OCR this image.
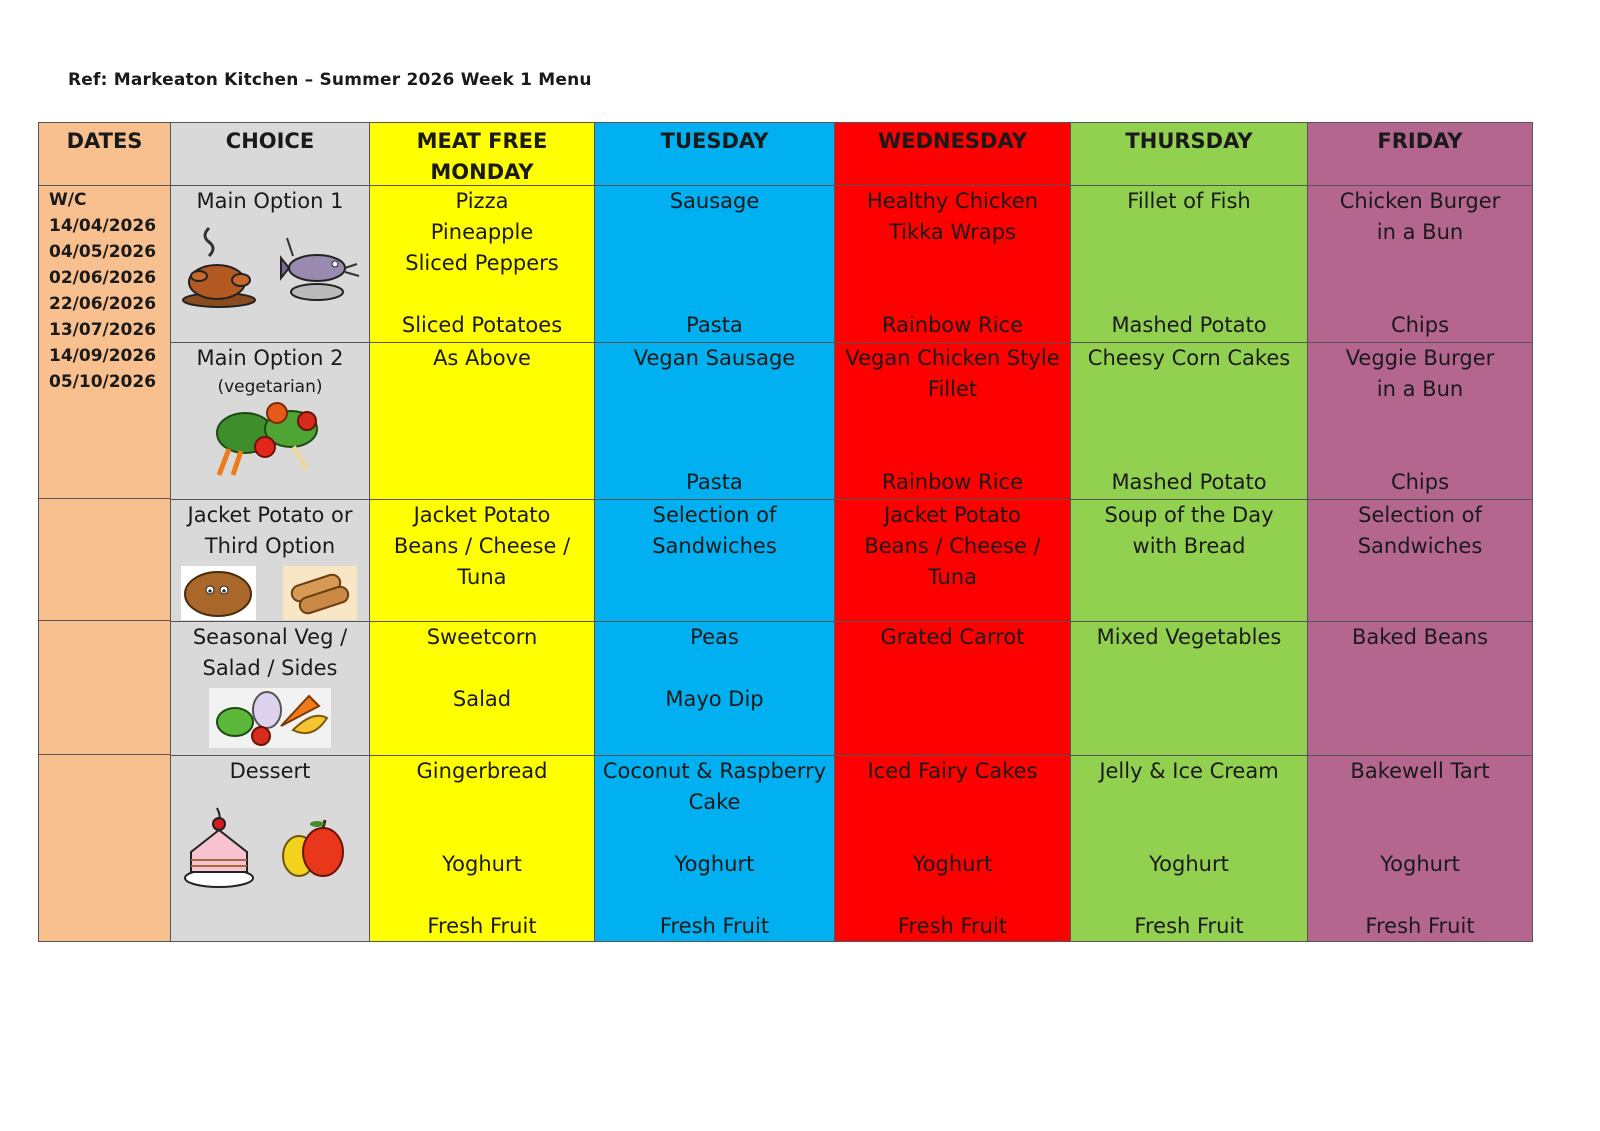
Ref: Markeaton Kitchen – Summer 2026 Week 1 Menu
DATES
W/C
14/04/2026
04/05/2026
02/06/2026
22/06/2026
13/07/2026
14/09/2026
05/10/2026
CHOICE
Main Option 1
Main Option 2
(vegetarian)
Jacket Potato or
Third Option
Seasonal Veg /
Salad / Sides
Dessert
MEAT FREE
MONDAY
Pizza
Pineapple
Sliced Peppers
Sliced Potatoes
As Above
Jacket Potato
Beans / Cheese /
Tuna
Sweetcorn
Salad
Gingerbread
Yoghurt
Fresh Fruit
TUESDAY
Sausage
Pasta
Vegan Sausage
Pasta
Selection of
Sandwiches
Peas
Mayo Dip
Coconut & Raspberry
Cake
Yoghurt
Fresh Fruit
WEDNESDAY
Healthy Chicken
Tikka Wraps
Rainbow Rice
Vegan Chicken Style
Fillet
Rainbow Rice
Jacket Potato
Beans / Cheese /
Tuna
Grated Carrot
Iced Fairy Cakes
Yoghurt
Fresh Fruit
THURSDAY
Fillet of Fish
Mashed Potato
Cheesy Corn Cakes
Mashed Potato
Soup of the Day
with Bread
Mixed Vegetables
Jelly & Ice Cream
Yoghurt
Fresh Fruit
FRIDAY
Chicken Burger
in a Bun
Chips
Veggie Burger
in a Bun
Chips
Selection of
Sandwiches
Baked Beans
Bakewell Tart
Yoghurt
Fresh Fruit
